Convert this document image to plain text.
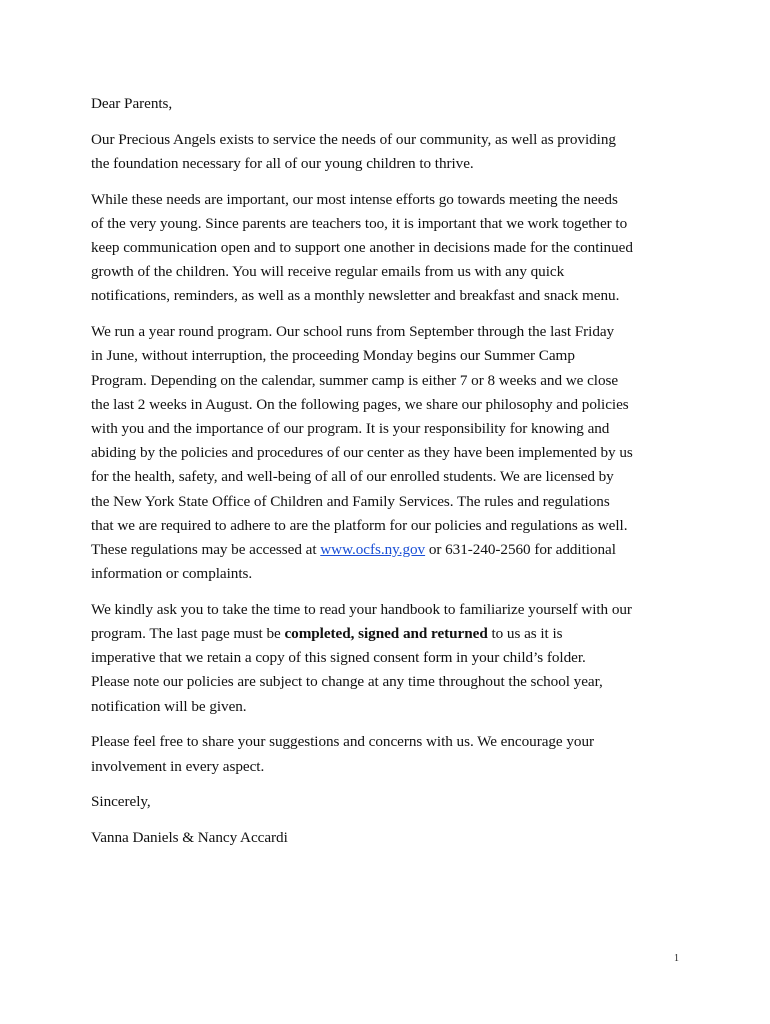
Dear Parents,

Our Precious Angels exists to service the needs of our community, as well as providing
the foundation necessary for all of our young children to thrive.

While these needs are important, our most intense efforts go towards meeting the needs
of the very young. Since parents are teachers too, it is important that we work together to
keep communication open and to support one another in decisions made for the continued
growth of the children. You will receive regular emails from us with any quick
notifications, reminders, as well as a monthly newsletter and breakfast and snack menu.

We run a year round program. Our school runs from September through the last Friday
in June, without interruption, the proceeding Monday begins our Summer Camp
Program. Depending on the calendar, summer camp is either 7 or 8 weeks and we close
the last 2 weeks in August. On the following pages, we share our philosophy and policies
with you and the importance of our program. It is your responsibility for knowing and
abiding by the policies and procedures of our center as they have been implemented by us
for the health, safety, and well-being of all of our enrolled students. We are licensed by
the New York State Office of Children and Family Services. The rules and regulations
that we are required to adhere to are the platform for our policies and regulations as well.
These regulations may be accessed at www.ocfs.ny.gov or 631-240-2560 for additional
information or complaints.

We kindly ask you to take the time to read your handbook to familiarize yourself with our
program. The last page must be completed, signed and returned to us as it is
imperative that we retain a copy of this signed consent form in your child’s folder.
Please note our policies are subject to change at any time throughout the school year,
notification will be given.

Please feel free to share your suggestions and concerns with us. We encourage your
involvement in every aspect.

Sincerely,

Vanna Daniels & Nancy Accardi

1
